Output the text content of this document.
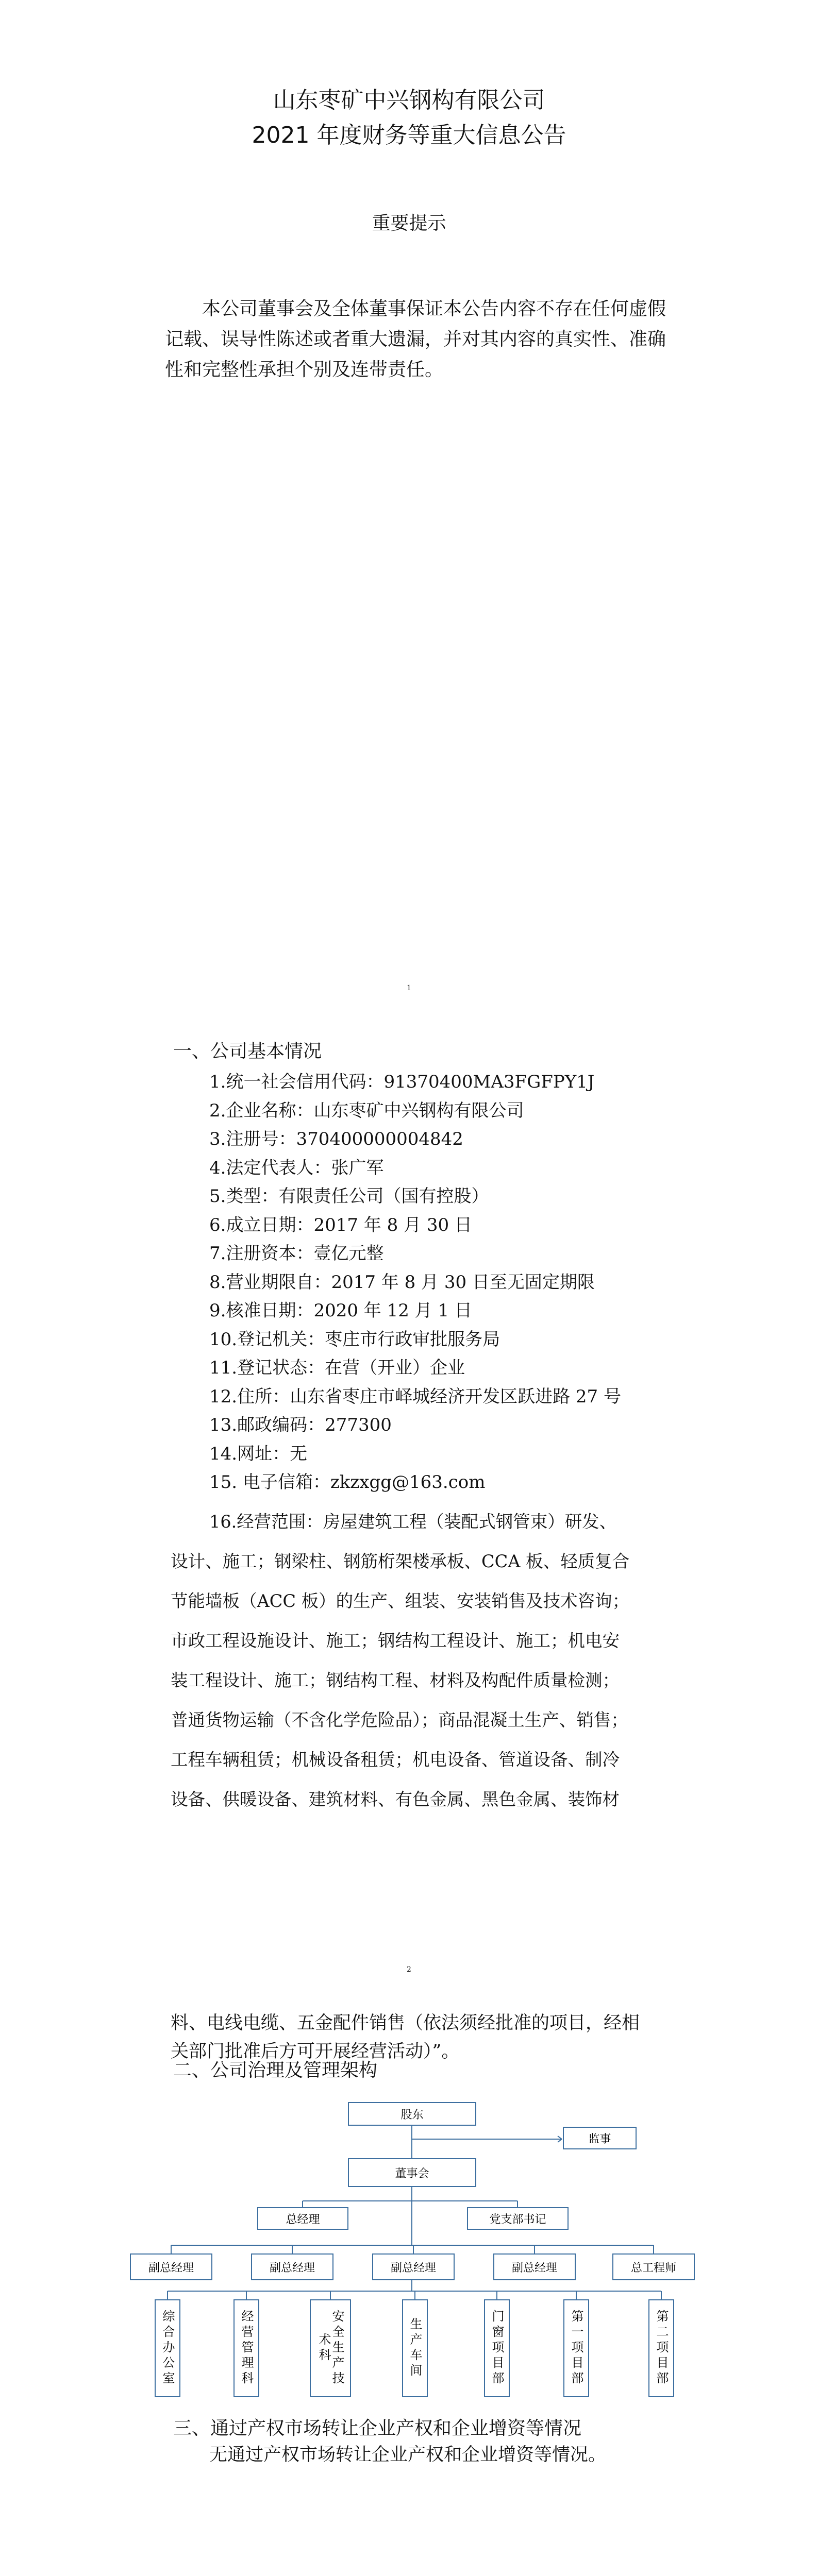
山东枣矿中兴钢构有限公司
2021 年度财务等重大信息公告
重要提示

本公司董事会及全体董事保证本公告内容不存在任何虚假记载、误导性陈述或者重大遗漏，并对其内容的真实性、准确性和完整性承担个别及连带责任。

1
一、公司基本情况
1.统一社会信用代码：91370400MA3FGFPY1J
2.企业名称：山东枣矿中兴钢构有限公司
3.注册号：370400000004842
4.法定代表人：张广军
5.类型：有限责任公司（国有控股）
6.成立日期：2017 年 8 月 30 日
7.注册资本：壹亿元整
8.营业期限自：2017 年 8 月 30 日至无固定期限
9.核准日期：2020 年 12 月 1 日
10.登记机关：枣庄市行政审批服务局
11.登记状态：在营（开业）企业
12.住所：山东省枣庄市峄城经济开发区跃进路 27 号
13.邮政编码：277300
14.网址：无
15. 电子信箱：zkzxgg@163.com
16.经营范围：房屋建筑工程（装配式钢管束）研发、
设计、施工；钢梁柱、钢筋桁架楼承板、CCA 板、轻质复合
节能墙板（ACC 板）的生产、组装、安装销售及技术咨询；
市政工程设施设计、施工；钢结构工程设计、施工；机电安
装工程设计、施工；钢结构工程、材料及构配件质量检测；
普通货物运输（不含化学危险品）；商品混凝土生产、销售；
工程车辆租赁；机械设备租赁；机电设备、管道设备、制冷
设备、供暖设备、建筑材料、有色金属、黑色金属、装饰材
2
料、电线电缆、五金配件销售（依法须经批准的项目，经相
关部门批准后方可开展经营活动）”。
二、公司治理及管理架构
股东
监事
董事会
总经理	党支部书记
副总经理	副总经理	副总经理	副总经理	总工程师
综合办公室	经营管理科	安全生产技术科	生产车间	门窗项目部	第一项目部	第二项目部
三、通过产权市场转让企业产权和企业增资等情况
无通过产权市场转让企业产权和企业增资等情况。
